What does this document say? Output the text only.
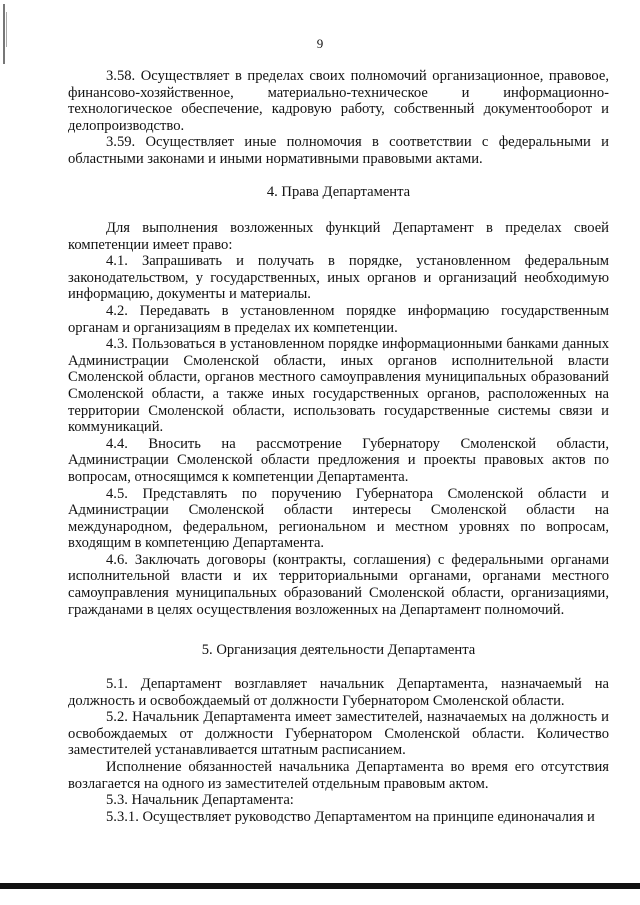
9

3.58. Осуществляет в пределах своих полномочий организационное, правовое, финансово-хозяйственное, материально-техническое и информационно-технологическое обеспечение, кадровую работу, собственный документооборот и делопроизводство.

3.59. Осуществляет иные полномочия в соответствии с федеральными и областными законами и иными нормативными правовыми актами.

4. Права Департамента

Для выполнения возложенных функций Департамент в пределах своей компетенции имеет право:

4.1. Запрашивать и получать в порядке, установленном федеральным законодательством, у государственных, иных органов и организаций необходимую информацию, документы и материалы.

4.2. Передавать в установленном порядке информацию государственным органам и организациям в пределах их компетенции.

4.3. Пользоваться в установленном порядке информационными банками данных Администрации Смоленской области, иных органов исполнительной власти Смоленской области, органов местного самоуправления муниципальных образований Смоленской области, а также иных государственных органов, расположенных на территории Смоленской области, использовать государственные системы связи и коммуникаций.

4.4. Вносить на рассмотрение Губернатору Смоленской области, Администрации Смоленской области предложения и проекты правовых актов по вопросам, относящимся к компетенции Департамента.

4.5. Представлять по поручению Губернатора Смоленской области и Администрации Смоленской области интересы Смоленской области на международном, федеральном, региональном и местном уровнях по вопросам, входящим в компетенцию Департамента.

4.6. Заключать договоры (контракты, соглашения) с федеральными органами исполнительной власти и их территориальными органами, органами местного самоуправления муниципальных образований Смоленской области, организациями, гражданами в целях осуществления возложенных на Департамент полномочий.

5. Организация деятельности Департамента

5.1. Департамент возглавляет начальник Департамента, назначаемый на должность и освобождаемый от должности Губернатором Смоленской области.

5.2. Начальник Департамента имеет заместителей, назначаемых на должность и освобождаемых от должности Губернатором Смоленской области. Количество заместителей устанавливается штатным расписанием.

Исполнение обязанностей начальника Департамента во время его отсутствия возлагается на одного из заместителей отдельным правовым актом.

5.3. Начальник Департамента:

5.3.1. Осуществляет руководство Департаментом на принципе единоначалия и
